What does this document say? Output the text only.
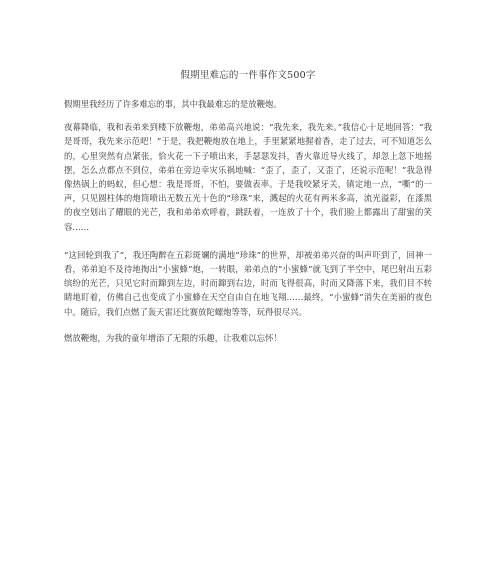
假期里难忘的一件事作文500字

假期里我经历了许多难忘的事，其中我最难忘的是放鞭炮。

夜幕降临，我和表弟来到楼下放鞭炮，弟弟高兴地说：“我先来，我先来。”我信心十足地回答：“我是哥哥，我先来示范吧！”于是，我把鞭炮放在地上，手里紧紧地握着香，走了过去，可不知道怎么的，心里突然有点紧张，恰火花一下子喷出来，手瑟瑟发抖，香火靠近导火线了，却忽上忽下地摇摆，怎么点都点不到位，弟弟在旁边幸灾乐祸地喊：“歪了，歪了，又歪了，还说示范呢！”我急得像热锅上的蚂蚁，但心想：我是哥哥，不怕，要做表率。于是我咬紧牙关，镇定地一点，“嘶”的一声，只见圆柱体的炮筒喷出无数五光十色的“珍珠”来，溅起的火花有两米多高，流光溢彩，在漆黑的夜空划出了耀眼的光芒，我和弟弟欢呼着，跳跃着，一连放了十个，我们脸上都露出了甜蜜的笑容……

“这回轮到我了”，我还陶醉在五彩斑斓的满地“珍珠”的世界，却被弟弟兴奋的叫声吓到了，回神一看，弟弟迫不及待地掏出“小蜜蜂”炮，一转眼，弟弟点的“小蜜蜂”就飞到了半空中，尾巴射出五彩缤纷的光芒，只见它时而蹿到左边，时而蹿到右边，时而飞得很高，时而又降落下来，我们目不转睛地盯着，仿佛自己也变成了小蜜蜂在天空自由自在地飞翔……最终，“小蜜蜂”消失在美丽的夜色中。随后，我们点燃了轰天雷还比赛放陀螺炮等等，玩得很尽兴。

燃放鞭炮，为我的童年增添了无限的乐趣，让我难以忘怀！
